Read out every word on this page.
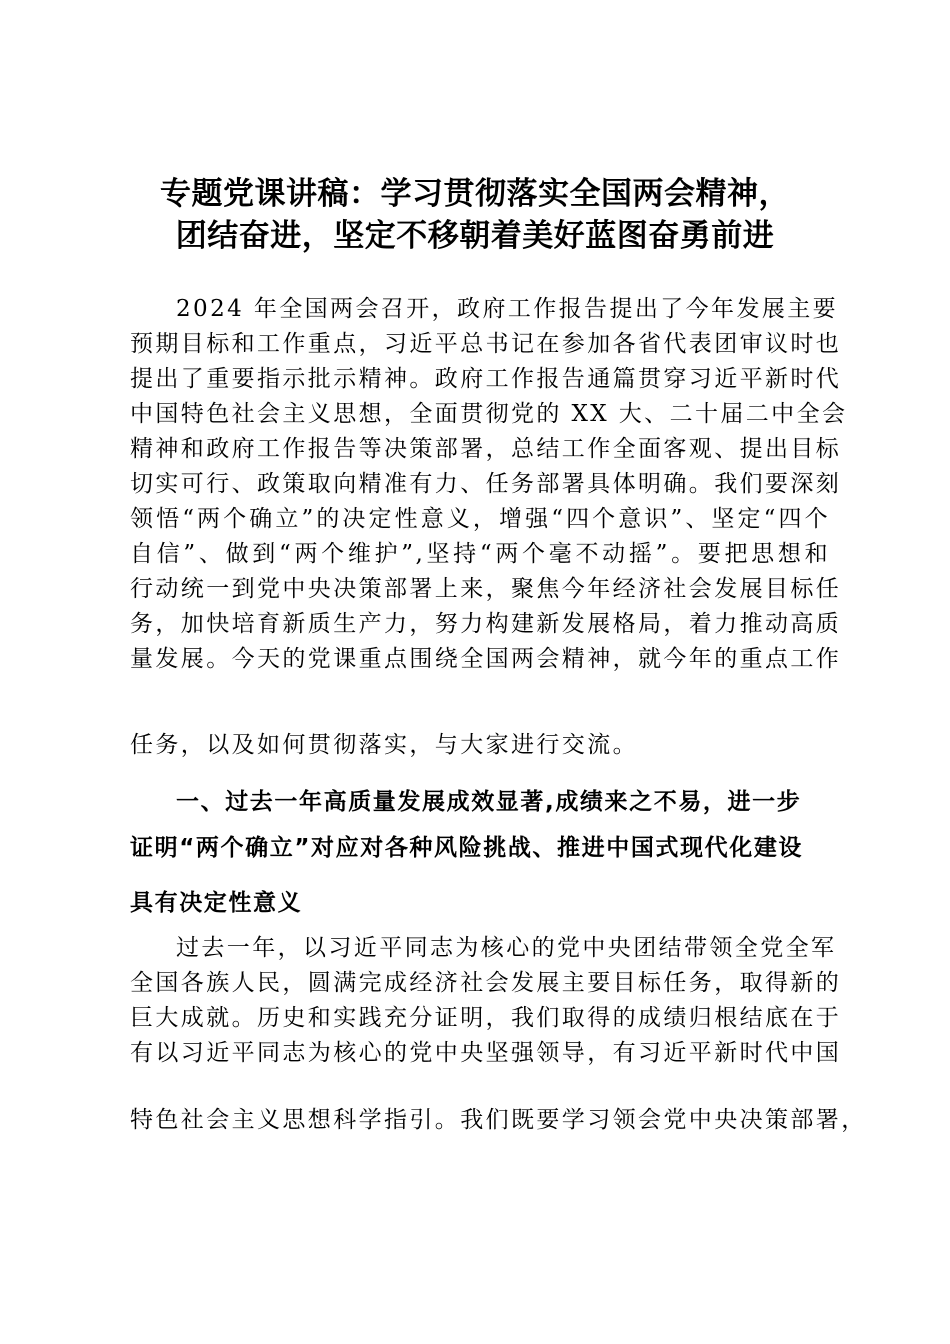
专题党课讲稿：学习贯彻落实全国两会精神，
团结奋进，坚定不移朝着美好蓝图奋勇前进
2024 年全国两会召开，政府工作报告提出了今年发展主要
预期目标和工作重点，习近平总书记在参加各省代表团审议时也
提出了重要指示批示精神。政府工作报告通篇贯穿习近平新时代
中国特色社会主义思想，全面贯彻党的 XX 大、二十届二中全会
精神和政府工作报告等决策部署，总结工作全面客观、提出目标
切实可行、政策取向精准有力、任务部署具体明确。我们要深刻
领悟“两个确立”的决定性意义，增强“四个意识”、坚定“四个
自信”、做到“两个维护”,坚持“两个毫不动摇”。要把思想和
行动统一到党中央决策部署上来，聚焦今年经济社会发展目标任
务，加快培育新质生产力，努力构建新发展格局，着力推动高质
量发展。今天的党课重点围绕全国两会精神，就今年的重点工作
任务，以及如何贯彻落实，与大家进行交流。
一、过去一年高质量发展成效显著,成绩来之不易，进一步
证明“两个确立”对应对各种风险挑战、推进中国式现代化建设
具有决定性意义
过去一年，以习近平同志为核心的党中央团结带领全党全军
全国各族人民，圆满完成经济社会发展主要目标任务，取得新的
巨大成就。历史和实践充分证明，我们取得的成绩归根结底在于
有以习近平同志为核心的党中央坚强领导，有习近平新时代中国
特色社会主义思想科学指引。我们既要学习领会党中央决策部署，
